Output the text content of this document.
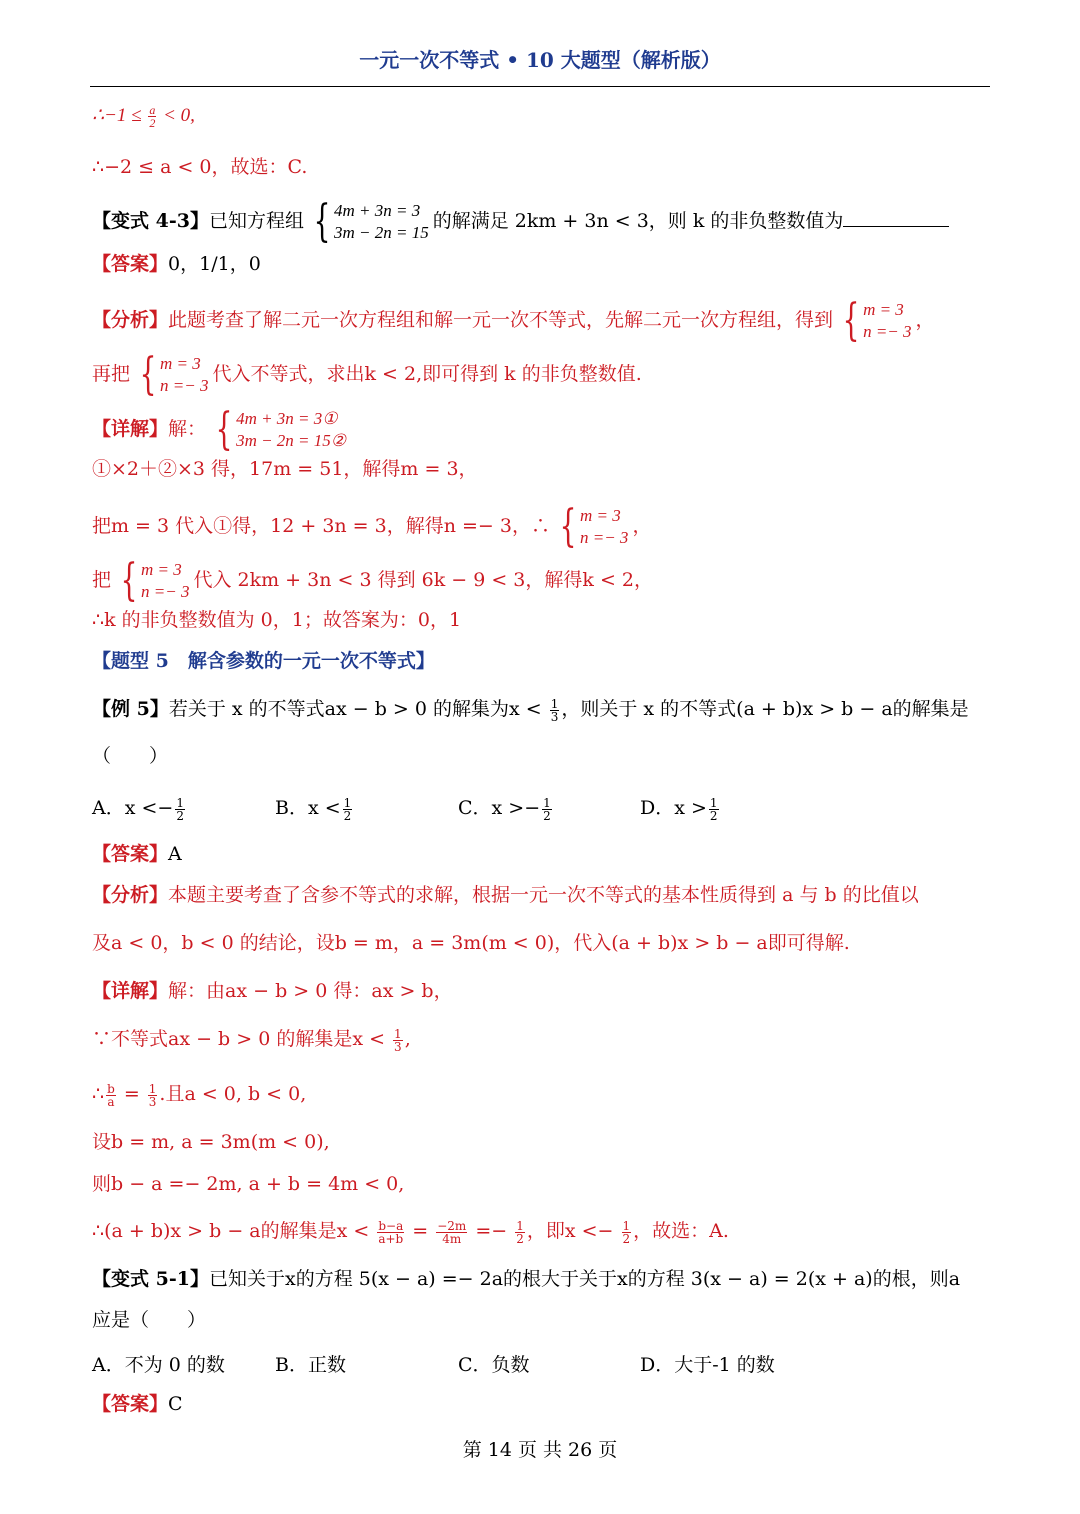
一元一次不等式 • 10 大题型（解析版）
∴−1 ≤ $\frac{a}{2} < 0$,
∴−2 ≤ a < 0，故选：C.
【变式 4-3】已知方程组 { 4m + 3n = 3
3m − 2n = 15
的解满足 2km + 3n < 3，则 k 的非负整数值为
【答案】0，1/1，0
【分析】此题考查了解二元一次方程组和解一元一次不等式，先解二元一次方程组，得到 { m = 3
n =− 3
，
再把 { m = 3
n =− 3
代入不等式，求出k < 2,即可得到 k 的非负整数值.
【详解】解： { 4m + 3n = 3①
3m − 2n = 15②
①×2＋②×3 得，17m = 51，解得m = 3，
把m = 3 代入①得，12 + 3n = 3，解得n =− 3，∴ { m = 3
n =− 3
，
把 { m = 3
n =− 3
代入 2km + 3n < 3 得到 6k − 9 < 3，解得k < 2，
∴k 的非负整数值为 0，1；故答案为：0，1
【题型 5　解含参数的一元一次不等式】
【例 5】若关于 x 的不等式ax − b > 0 的解集为$x < \frac{1}{3}$ ，则关于 x 的不等式(a + b)x > b − a的解集是
（　　）
A．$x <- \frac{1}{2}$	B．$x < \frac{1}{2}$	C．$x >- \frac{1}{2}$	D．$x > \frac{1}{2}$
【答案】A
【分析】本题主要考查了含参不等式的求解，根据一元一次不等式的基本性质得到 a 与 b 的比值以
及a < 0，b < 0 的结论，设b = m，a = 3m(m < 0)，代入(a + b)x > b − a即可得解.
【详解】解：由ax − b > 0 得：ax > b，
∵不等式ax − b > 0 的解集是$x < \frac{1}{3}$ ,
∴ $\frac{b}{a} = \frac{1}{3}$ .且a < 0, b < 0,
设b = m, a = 3m(m < 0),
则b − a =− 2m, a + b = 4m < 0,
∴(a + b)x > b − a的解集是$x < \frac{b-a}{a+b} = \frac{-2m}{4m} =- \frac{1}{2}$ ，即$x <- \frac{1}{2}$ ，故选：A.
【变式 5-1】已知关于x的方程 5(x − a) =− 2a的根大于关于x的方程 3(x − a) = 2(x + a)的根，则a
应是（　　）
A．不为 0 的数	B．正数	C．负数	D．大于-1 的数
【答案】C
第 14 页 共 26 页
